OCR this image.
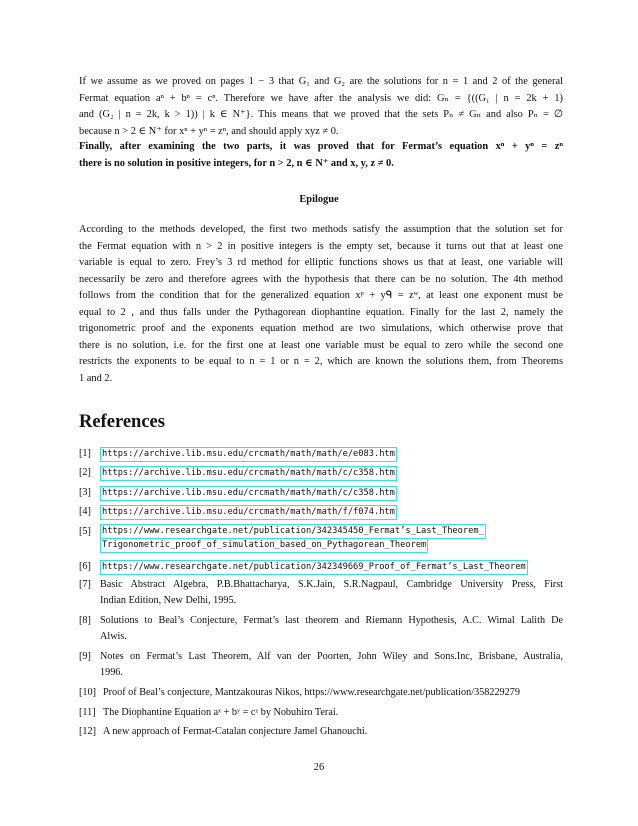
If we assume as we proved on pages 1 − 3 that G₁ and G₂ are the solutions for n = 1 and 2 of the general
Fermat equation aⁿ + bⁿ = cⁿ. Therefore we have after the analysis we did: Gₙ = {((G₁ | n = 2k + 1)
and (G₂ | n = 2k, k > 1)) | k ∈ N⁺}. This means that we proved that the sets Pₙ ≠ Gₙ and also Pₙ = ∅
because n > 2 ∈ N⁺ for xⁿ + yⁿ = zⁿ, and should apply xyz ≠ 0.
Finally, after examining the two parts, it was proved that for Fermat’s equation xⁿ + yⁿ = zⁿ
there is no solution in positive integers, for n > 2, n ∈ N⁺ and x, y, z ≠ 0.
Epilogue
According to the methods developed, the first two methods satisfy the assumption that the solution set for
the Fermat equation with n > 2 in positive integers is the empty set, because it turns out that at least one
variable is equal to zero. Frey’s 3 rd method for elliptic functions shows us that at least, one variable will
necessarily be zero and therefore agrees with the hypothesis that there can be no solution. The 4th method
follows from the condition that for the generalized equation xᵖ + yᑫ = zʷ, at least one exponent must be
equal to 2 , and thus falls under the Pythagorean diophantine equation. Finally for the last 2, namely the
trigonometric proof and the exponents equation method are two simulations, which otherwise prove that
there is no solution, i.e. for the first one at least one variable must be equal to zero while the second one
restricts the exponents to be equal to n = 1 or n = 2, which are known the solutions them, from Theorems
1 and 2.
References
[1] https://archive.lib.msu.edu/crcmath/math/math/e/e083.htm
[2] https://archive.lib.msu.edu/crcmath/math/math/c/c358.htm
[3] https://archive.lib.msu.edu/crcmath/math/math/c/c358.htm
[4] https://archive.lib.msu.edu/crcmath/math/math/f/f074.htm
[5] https://www.researchgate.net/publication/342345450_Fermat’s_Last_Theorem_
Trigonometric_proof_of_simulation_based_on_Pythagorean_Theorem
[6] https://www.researchgate.net/publication/342349669_Proof_of_Fermat’s_Last_Theorem
[7] Basic Abstract Algebra, P.B.Bhattacharya, S.K.Jain, S.R.Nagpaul, Cambridge University Press, First
Indian Edition, New Delhi, 1995.
[8] Solutions to Beal’s Conjecture, Fermat’s last theorem and Riemann Hypothesis, A.C. Wimal Lalith De
Alwis.
[9] Notes on Fermat’s Last Theorem, Alf van der Poorten, John Wiley and Sons.Inc, Brisbane, Australia,
1996.
[10] Proof of Beal’s conjecture, Mantzakouras Nikos, https://www.researchgate.net/publication/358229279
[11] The Diophantine Equation aˣ + bʸ = cᶻ by Nobuhiro Terai.
[12] A new approach of Fermat-Catalan conjecture Jamel Ghanouchi.
26
